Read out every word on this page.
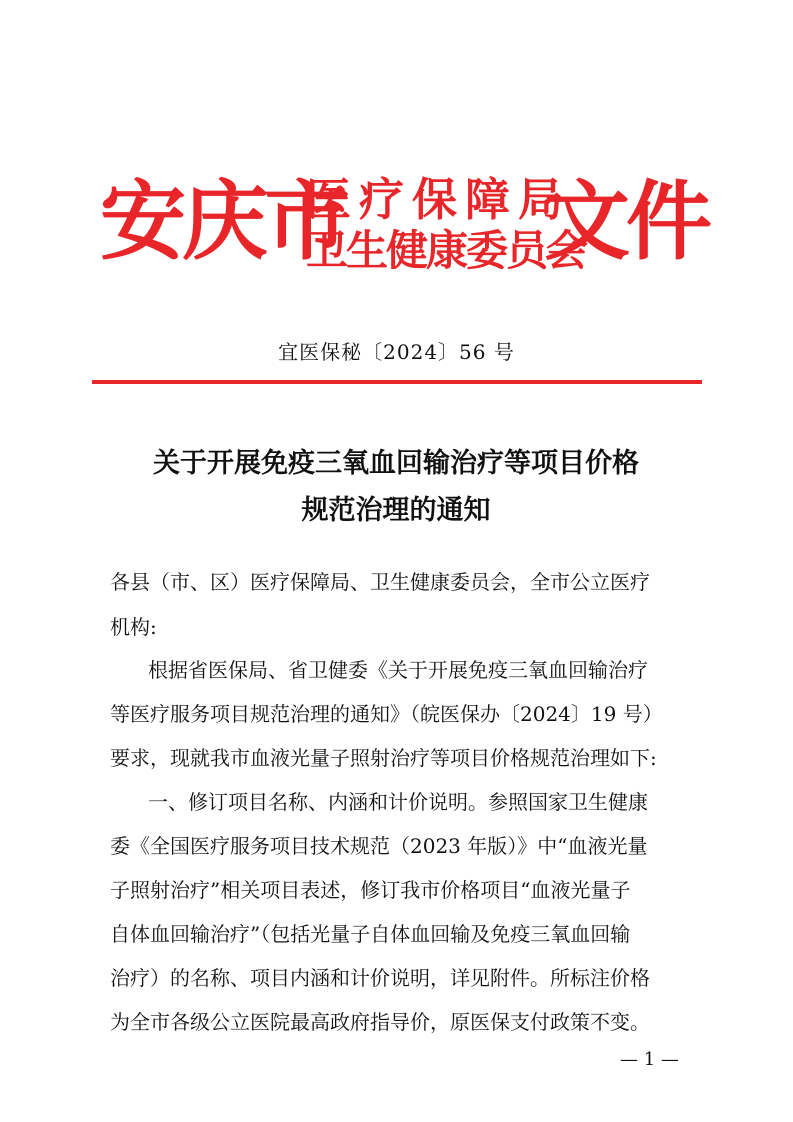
安庆市
医疗保障局
卫生健康委员会
文件
宜医保秘〔2024〕56 号
关于开展免疫三氧血回输治疗等项目价格
规范治理的通知
各县（市、区）医疗保障局、卫生健康委员会，全市公立医疗
机构:
根据省医保局、省卫健委《关于开展免疫三氧血回输治疗
等医疗服务项目规范治理的通知》（皖医保办〔2024〕19 号）
要求，现就我市血液光量子照射治疗等项目价格规范治理如下:
一、修订项目名称、内涵和计价说明。参照国家卫生健康
委《全国医疗服务项目技术规范（2023 年版）》中“血液光量
子照射治疗”相关项目表述，修订我市价格项目“血液光量子
自体血回输治疗”（包括光量子自体血回输及免疫三氧血回输
治疗）的名称、项目内涵和计价说明，详见附件。所标注价格
为全市各级公立医院最高政府指导价，原医保支付政策不变。
— 1 —
